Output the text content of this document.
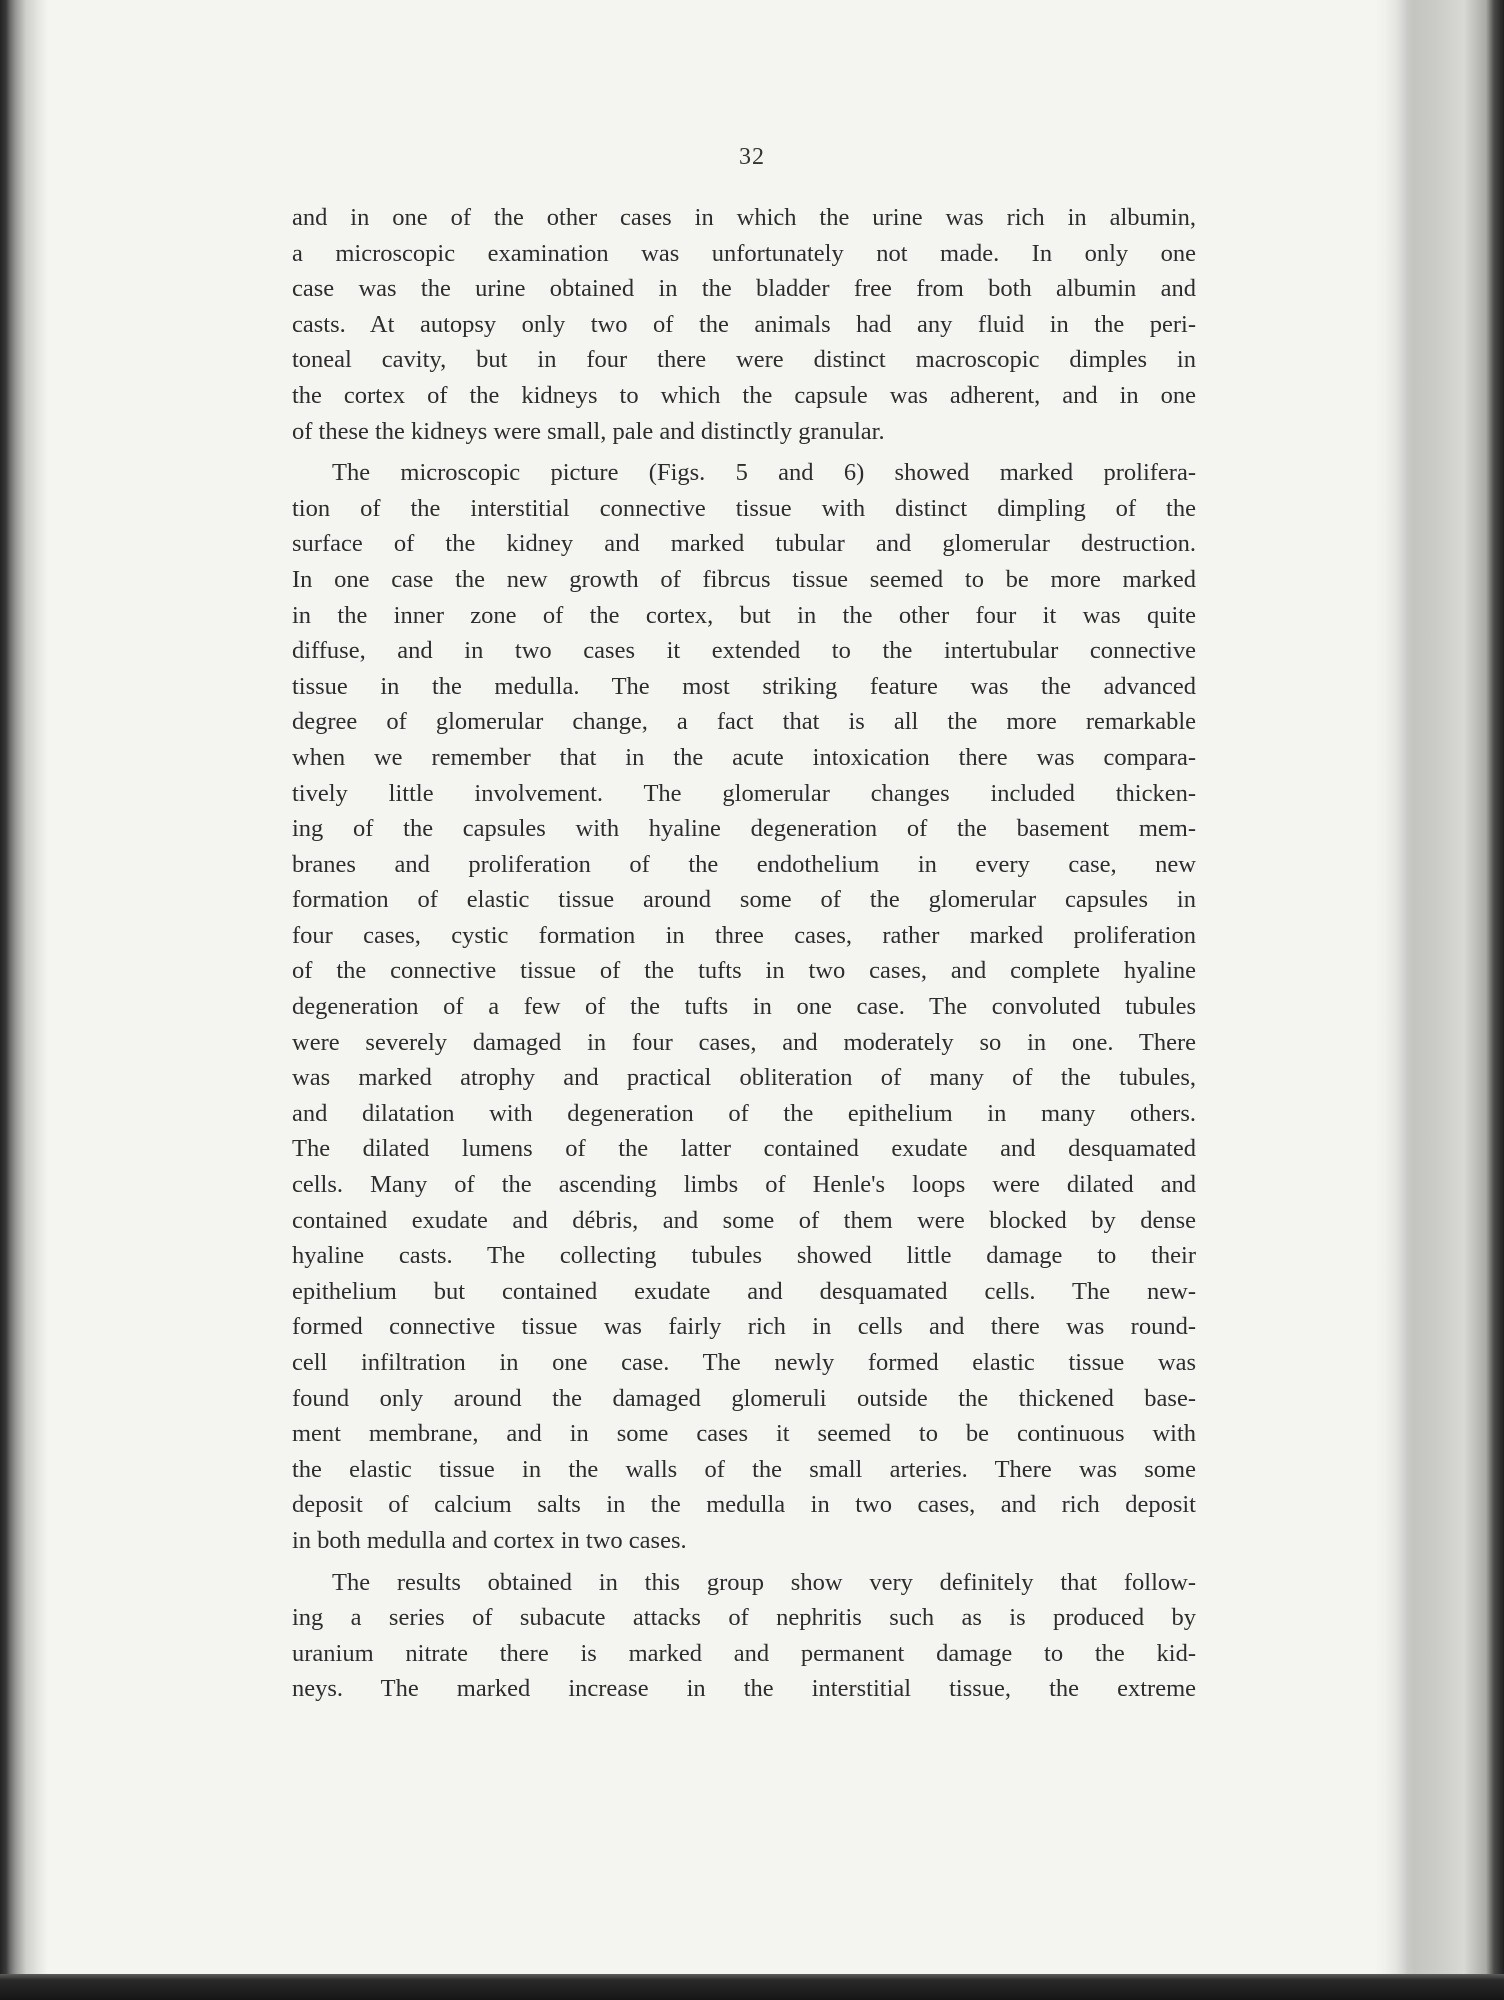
32

and in one of the other cases in which the urine was rich in albumin,
a microscopic examination was unfortunately not made. In only one
case was the urine obtained in the bladder free from both albumin and
casts. At autopsy only two of the animals had any fluid in the peri-
toneal cavity, but in four there were distinct macroscopic dimples in
the cortex of the kidneys to which the capsule was adherent, and in one
of these the kidneys were small, pale and distinctly granular.

The microscopic picture (Figs. 5 and 6) showed marked prolifera-
tion of the interstitial connective tissue with distinct dimpling of the
surface of the kidney and marked tubular and glomerular destruction.
In one case the new growth of fibrcus tissue seemed to be more marked
in the inner zone of the cortex, but in the other four it was quite
diffuse, and in two cases it extended to the intertubular connective
tissue in the medulla. The most striking feature was the advanced
degree of glomerular change, a fact that is all the more remarkable
when we remember that in the acute intoxication there was compara-
tively little involvement. The glomerular changes included thicken-
ing of the capsules with hyaline degeneration of the basement mem-
branes and proliferation of the endothelium in every case, new
formation of elastic tissue around some of the glomerular capsules in
four cases, cystic formation in three cases, rather marked proliferation
of the connective tissue of the tufts in two cases, and complete hyaline
degeneration of a few of the tufts in one case. The convoluted tubules
were severely damaged in four cases, and moderately so in one. There
was marked atrophy and practical obliteration of many of the tubules,
and dilatation with degeneration of the epithelium in many others.
The dilated lumens of the latter contained exudate and desquamated
cells. Many of the ascending limbs of Henle's loops were dilated and
contained exudate and débris, and some of them were blocked by dense
hyaline casts. The collecting tubules showed little damage to their
epithelium but contained exudate and desquamated cells. The new-
formed connective tissue was fairly rich in cells and there was round-
cell infiltration in one case. The newly formed elastic tissue was
found only around the damaged glomeruli outside the thickened base-
ment membrane, and in some cases it seemed to be continuous with
the elastic tissue in the walls of the small arteries. There was some
deposit of calcium salts in the medulla in two cases, and rich deposit
in both medulla and cortex in two cases.

The results obtained in this group show very definitely that follow-
ing a series of subacute attacks of nephritis such as is produced by
uranium nitrate there is marked and permanent damage to the kid-
neys. The marked increase in the interstitial tissue, the extreme
